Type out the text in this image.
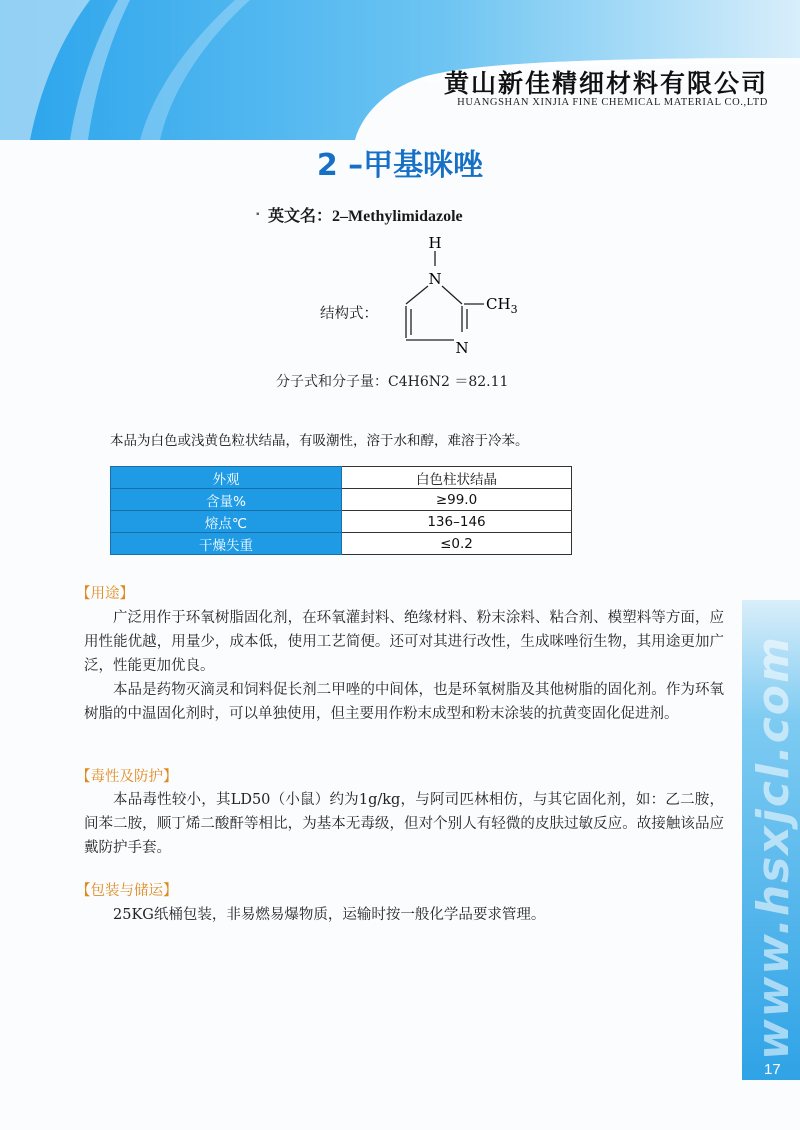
黄山新佳精细材料有限公司
HUANGSHAN XINJIA FINE CHEMICAL MATERIAL CO.,LTD
2 –甲基咪唑
▪ 英文名：2–Methylimidazole
结构式：
H
N
N
$CH_3$
分子式和分子量：C4H6N2 ＝82.11
本品为白色或浅黄色粒状结晶，有吸潮性，溶于水和醇，难溶于冷苯。
外观	白色柱状结晶
含量%	≥99.0
熔点℃	136–146
干燥失重	≤0.2
【用途】

广泛用作于环氧树脂固化剂，在环氧灌封料、绝缘材料、粉末涂料、粘合剂、模塑料等方面，应用性能优越，用量少，成本低，使用工艺简便。还可对其进行改性，生成咪唑衍生物，其用途更加广泛，性能更加优良。

本品是药物灭滴灵和饲料促长剂二甲唑的中间体，也是环氧树脂及其他树脂的固化剂。作为环氧树脂的中温固化剂时，可以单独使用，但主要用作粉末成型和粉末涂装的抗黄变固化促进剂。

【毒性及防护】

本品毒性较小，其LD50（小鼠）约为1g/kg，与阿司匹林相仿，与其它固化剂，如：乙二胺，间苯二胺，顺丁烯二酸酐等相比，为基本无毒级，但对个别人有轻微的皮肤过敏反应。故接触该品应戴防护手套。

【包装与储运】

25KG纸桶包装，非易燃易爆物质，运输时按一般化学品要求管理。	www.hsxjcl.com
17
